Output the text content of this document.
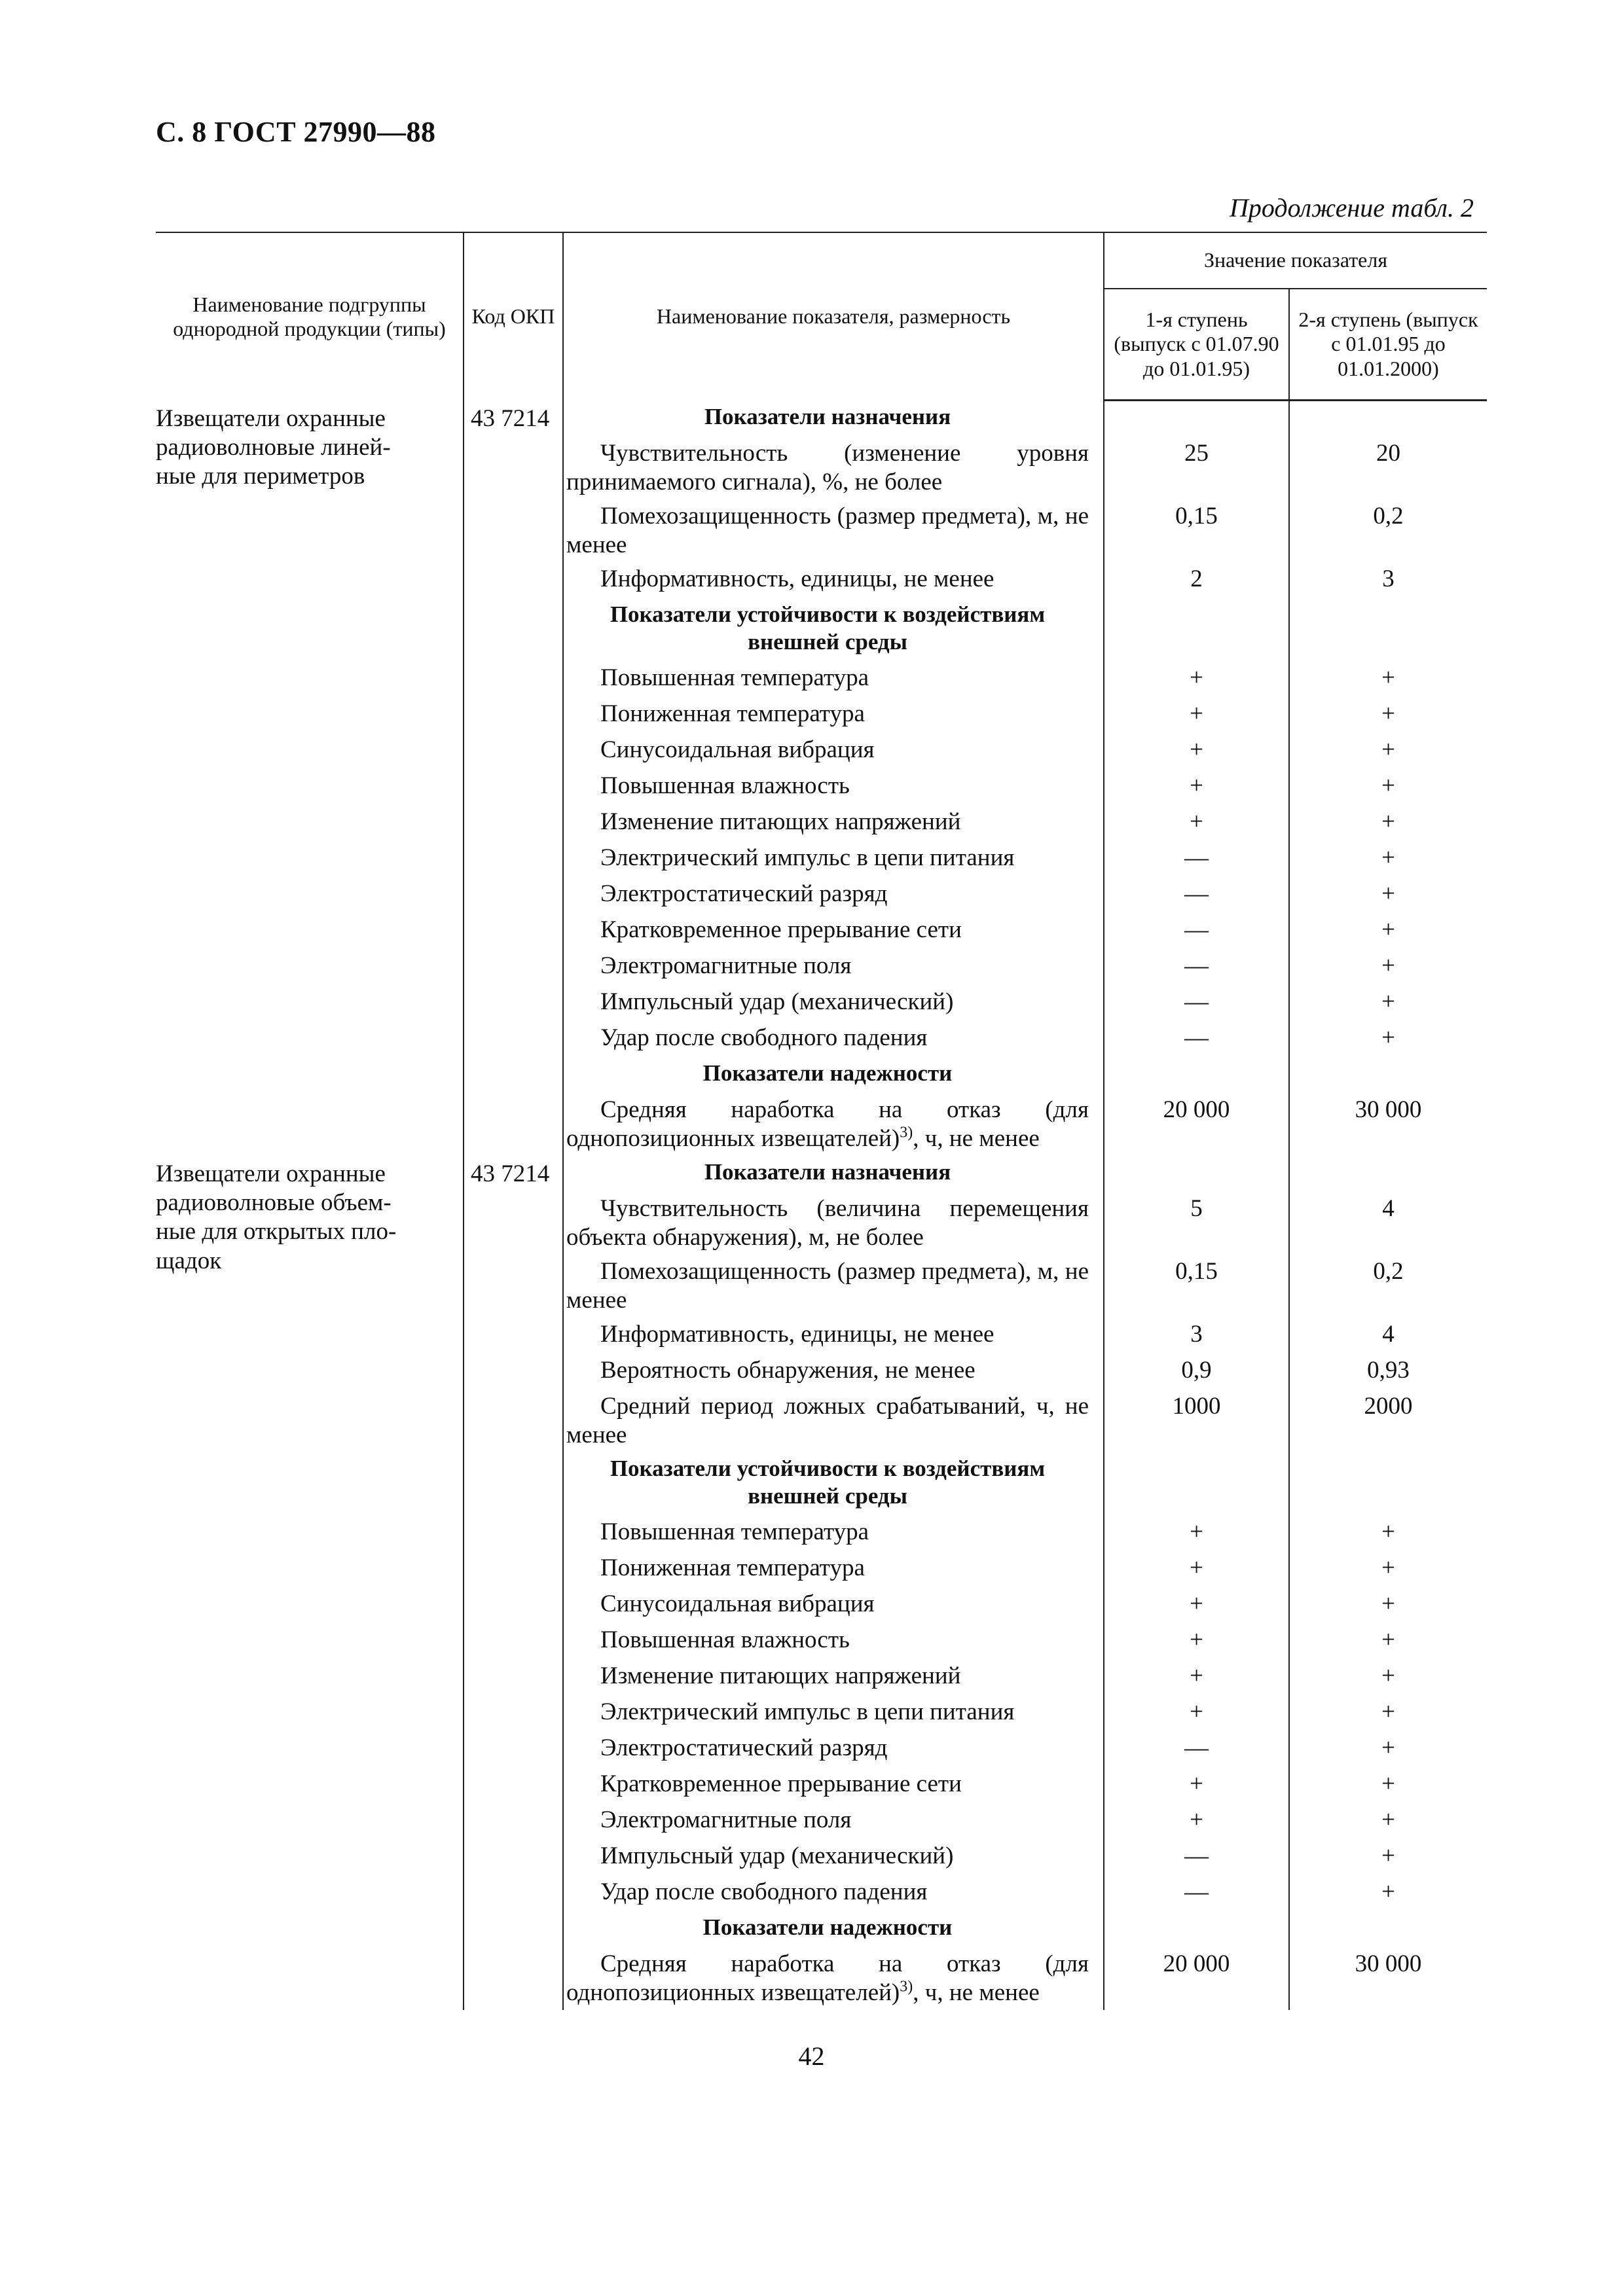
С. 8 ГОСТ 27990—88
Продолжение табл. 2
Наименование подгруппы однородной продукции (типы)	Код ОКП	Наименование показателя, размерность	Значение показателя	
			1-я ступень (выпуск с 01.07.90 до 01.01.95)	2-я ступень (выпуск с 01.01.95 до 01.01.2000)

Извещатели охранные
радиоволновые линей-
ные для периметров	43 7214	Показатели назначения		

		Чувствительность (изменение уровня принимаемого сигнала), %, не более	25	20

		Помехозащищенность (размер предмета), м, не менее	0,15	0,2

		Информативность, единицы, не менее	2	3

		Показатели устойчивости к воздействиям внешней среды		

		Повышенная температура	+	+

		Пониженная температура	+	+

		Синусоидальная вибрация	+	+

		Повышенная влажность	+	+

		Изменение питающих напряжений	+	+

		Электрический импульс в цепи питания	—	+

		Электростатический разряд	—	+

		Кратковременное прерывание сети	—	+

		Электромагнитные поля	—	+

		Импульсный удар (механический)	—	+

		Удар после свободного падения	—	+

		Показатели надежности		

		Средняя наработка на отказ (для однопозиционных извещателей)$^{3)}$, ч, не менее	20 000	30 000

Извещатели охранные
радиоволновые объем-
ные для открытых пло-
щадок	43 7214	Показатели назначения		

		Чувствительность (величина перемещения объекта обнаружения), м, не более	5	4

		Помехозащищенность (размер предмета), м, не менее	0,15	0,2

		Информативность, единицы, не менее	3	4

		Вероятность обнаружения, не менее	0,9	0,93

		Средний период ложных срабатываний, ч, не менее	1000	2000

		Показатели устойчивости к воздействиям внешней среды		

		Повышенная температура	+	+

		Пониженная температура	+	+

		Синусоидальная вибрация	+	+

		Повышенная влажность	+	+

		Изменение питающих напряжений	+	+

		Электрический импульс в цепи питания	+	+

		Электростатический разряд	—	+

		Кратковременное прерывание сети	+	+

		Электромагнитные поля	+	+

		Импульсный удар (механический)	—	+

		Удар после свободного падения	—	+

		Показатели надежности		

		Средняя наработка на отказ (для однопозиционных извещателей)$^{3)}$, ч, не менее	20 000	30 000
42
